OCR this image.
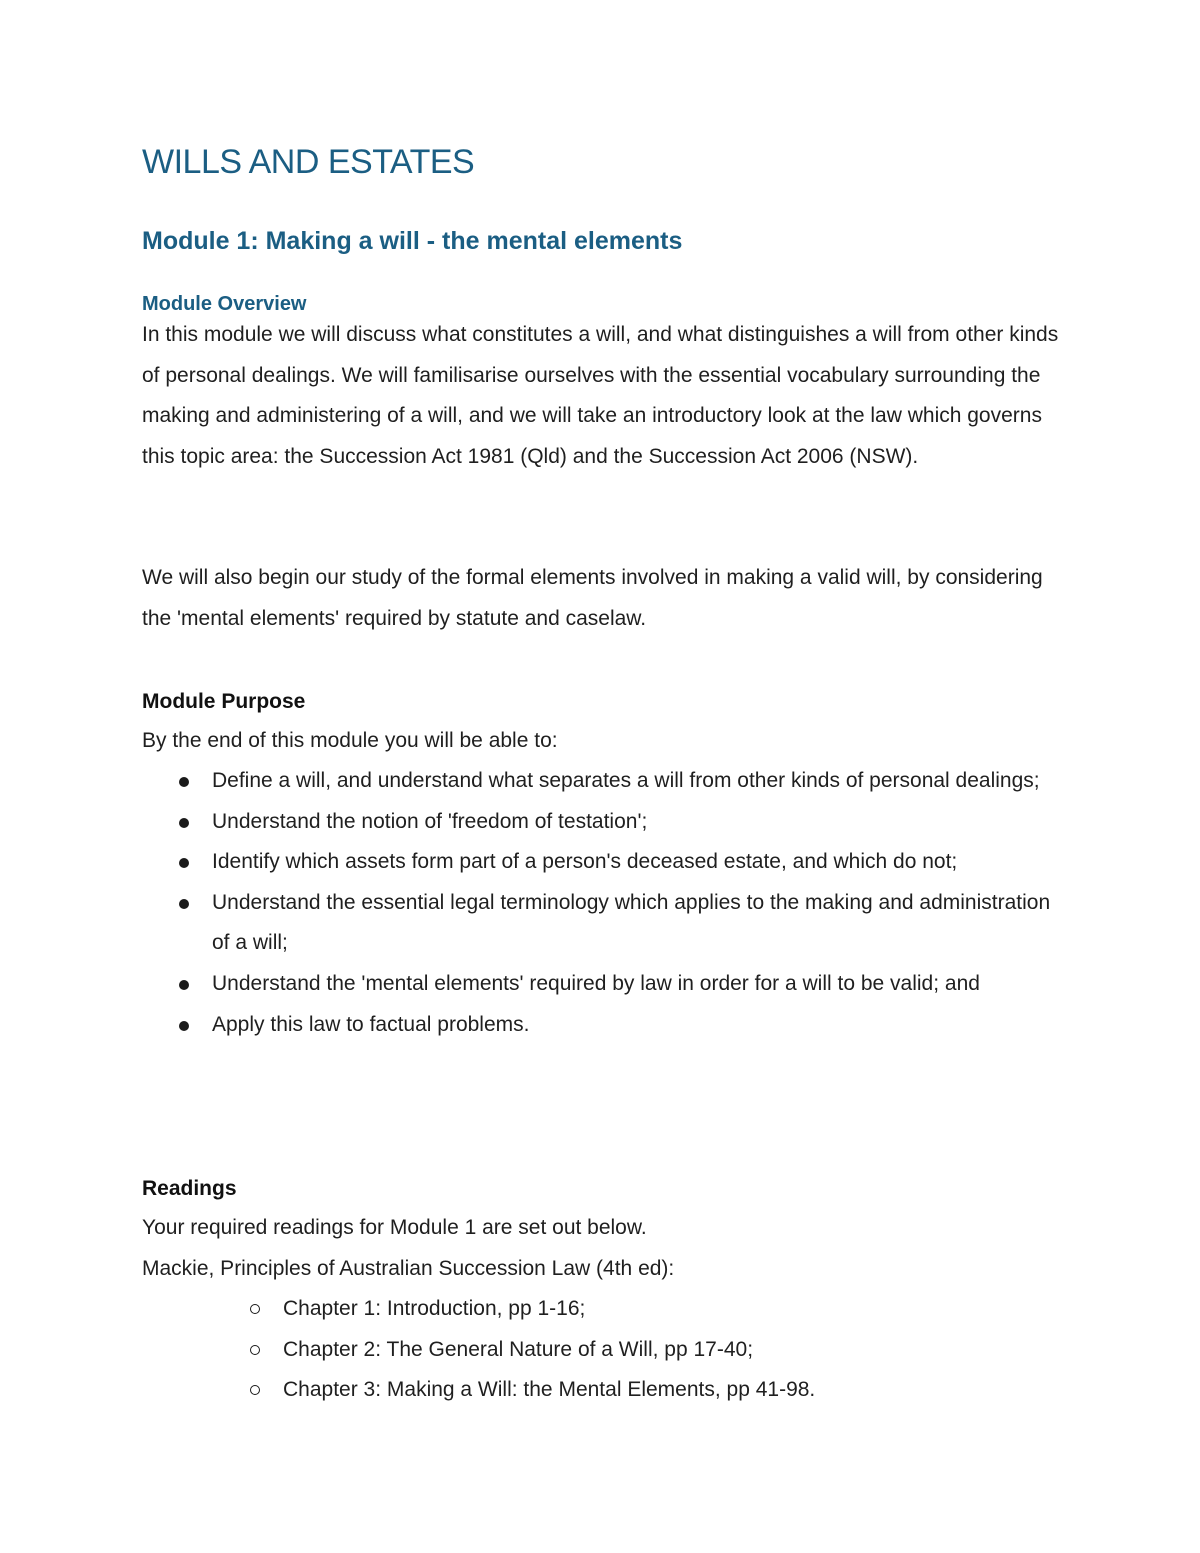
WILLS AND ESTATES
Module 1: Making a will - the mental elements
Module Overview

In this module we will discuss what constitutes a will, and what distinguishes a will from other kinds of personal dealings. We will familisarise ourselves with the essential vocabulary surrounding the making and administering of a will, and we will take an introductory look at the law which governs this topic area: the Succession Act 1981 (Qld) and the Succession Act 2006 (NSW).

We will also begin our study of the formal elements involved in making a valid will, by considering the 'mental elements' required by statute and caselaw.

Module Purpose

By the end of this module you will be able to:

Define a will, and understand what separates a will from other kinds of personal dealings;
Understand the notion of 'freedom of testation';
Identify which assets form part of a person's deceased estate, and which do not;
Understand the essential legal terminology which applies to the making and administration of a will;
Understand the 'mental elements' required by law in order for a will to be valid; and
Apply this law to factual problems.
Readings
Your required readings for Module 1 are set out below.
Mackie, Principles of Australian Succession Law (4th ed):
Chapter 1: Introduction, pp 1-16;
Chapter 2: The General Nature of a Will, pp 17-40;
Chapter 3: Making a Will: the Mental Elements, pp 41-98.
